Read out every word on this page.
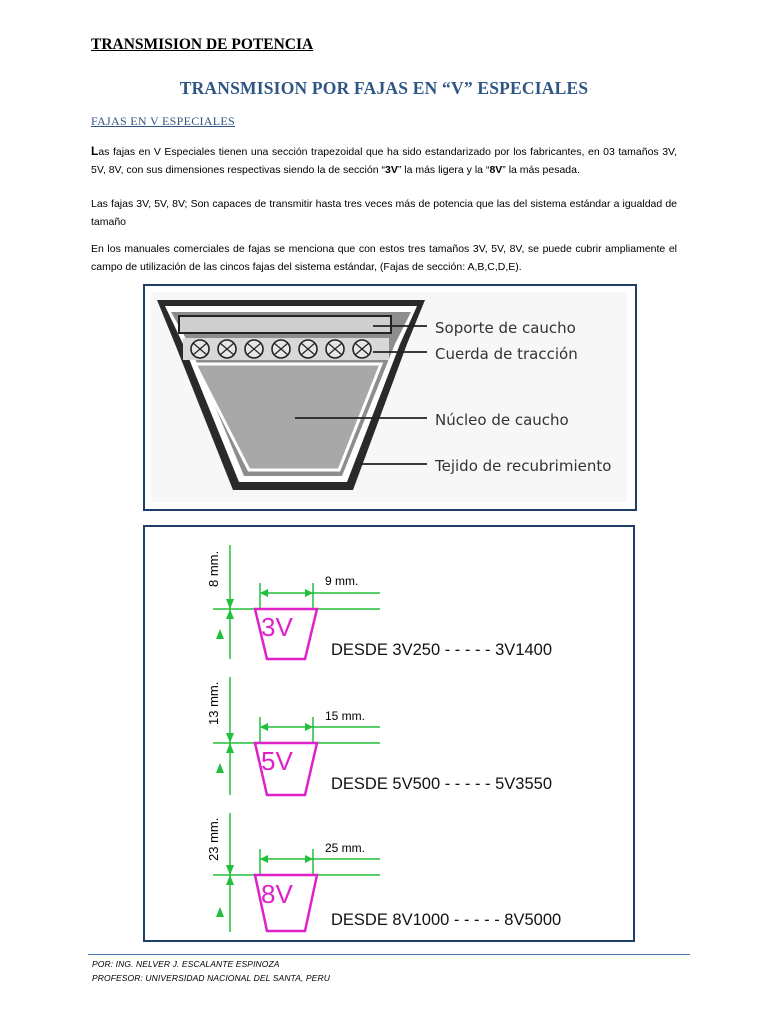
TRANSMISION DE POTENCIA
TRANSMISION POR FAJAS EN “V” ESPECIALES
FAJAS EN V ESPECIALES
Las fajas en V Especiales tienen una sección trapezoidal que ha sido estandarizado por los fabricantes, en 03 tamaños 3V, 5V, 8V, con sus dimensiones respectivas siendo la de sección “3V” la más ligera y la “8V” la más pesada.
Las fajas 3V, 5V, 8V; Son capaces de transmitir hasta tres veces más de potencia que las del sistema estándar a igualdad de tamaño
En los manuales comerciales de fajas se menciona que con estos tres tamaños 3V, 5V, 8V, se puede cubrir ampliamente el campo de utilización de las cincos fajas del sistema estándar, (Fajas de sección: A,B,C,D,E).
Soporte de caucho
Cuerda de tracción
Núcleo de caucho
Tejido de recubrimiento
8 mm.	9 mm.
3V
DESDE 3V250 - - - - - 3V1400
13 mm.	15 mm.
5V
DESDE 5V500 - - - - - 5V3550
23 mm.	25 mm.
8V
DESDE 8V1000 - - - - - 8V5000
POR: ING. NELVER J. ESCALANTE ESPINOZA
PROFESOR: UNIVERSIDAD NACIONAL DEL SANTA, PERU
